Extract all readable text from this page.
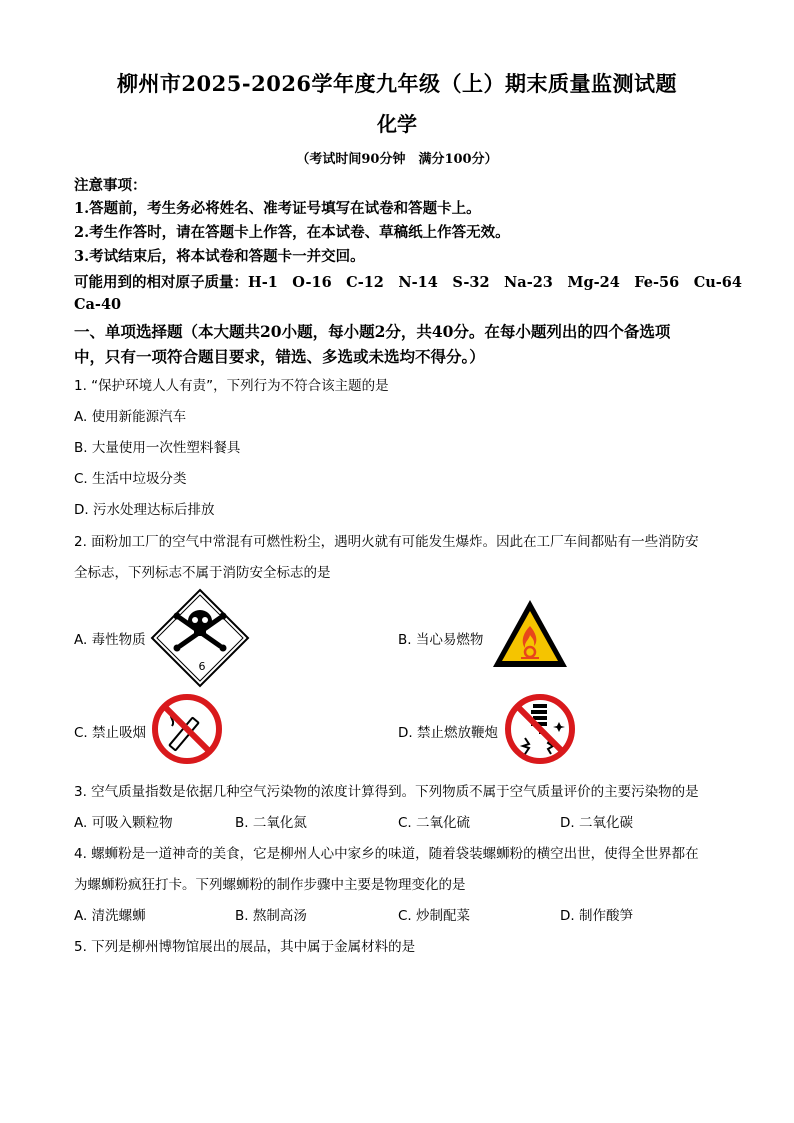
柳州市2025-2026学年度九年级（上）期末质量监测试题
化学
（考试时间90分钟　满分100分）
注意事项：
1.答题前，考生务必将姓名、准考证号填写在试卷和答题卡上。
2.考生作答时，请在答题卡上作答，在本试卷、草稿纸上作答无效。
3.考试结束后，将本试卷和答题卡一并交回。
可能用到的相对原子质量：H-1　O-16　C-12　N-14　S-32　Na-23　Mg-24　Fe-56　Cu-64
Ca-40
一、单项选择题（本大题共20小题，每小题2分，共40分。在每小题列出的四个备选项
中，只有一项符合题目要求，错选、多选或未选均不得分。）
1. “保护环境人人有责”，下列行为不符合该主题的是
A. 使用新能源汽车
B. 大量使用一次性塑料餐具
C. 生活中垃圾分类
D. 污水处理达标后排放
2. 面粉加工厂的空气中常混有可燃性粉尘，遇明火就有可能发生爆炸。因此在工厂车间都贴有一些消防安
全标志，下列标志不属于消防安全标志的是
A. 毒性物质	B. 当心易燃物
C. 禁止吸烟	D. 禁止燃放鞭炮
6
3. 空气质量指数是依据几种空气污染物的浓度计算得到。下列物质不属于空气质量评价的主要污染物的是
A. 可吸入颗粒物	B. 二氧化氮	C. 二氧化硫	D. 二氧化碳
4. 螺蛳粉是一道神奇的美食，它是柳州人心中家乡的味道，随着袋装螺蛳粉的横空出世，使得全世界都在
为螺蛳粉疯狂打卡。下列螺蛳粉的制作步骤中主要是物理变化的是
A. 清洗螺蛳	B. 熬制高汤	C. 炒制配菜	D. 制作酸笋
5. 下列是柳州博物馆展出的展品，其中属于金属材料的是
